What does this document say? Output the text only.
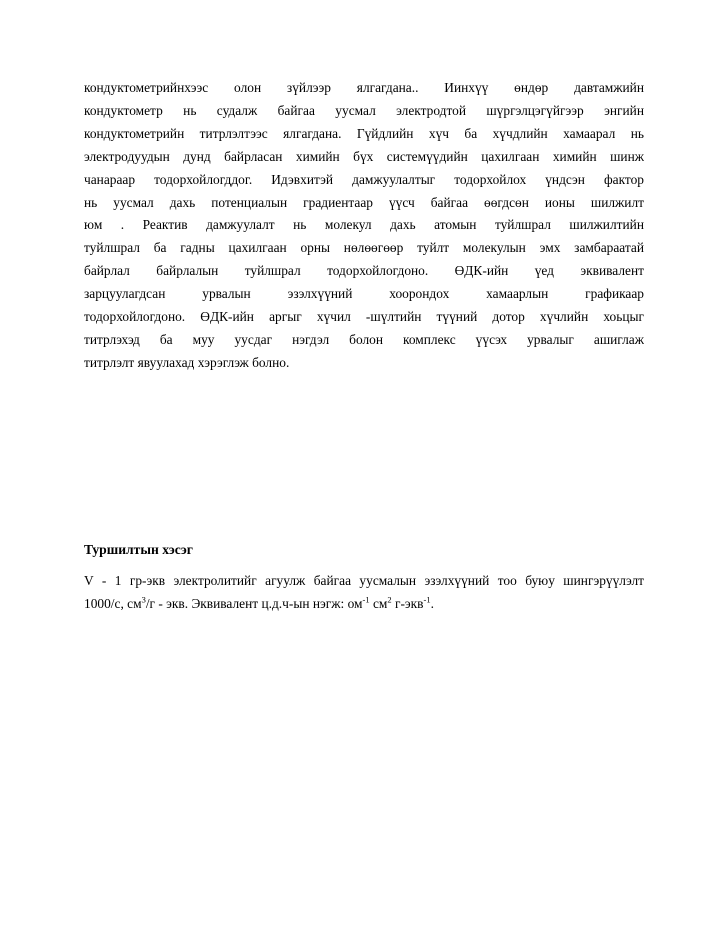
кондуктометрийнхээс олон зүйлээр ялгагдана.. Иинхүү өндөр давтамжийн
кондуктометр нь судалж байгаа уусмал электродтой шүргэлцэгүйгээр энгийн
кондуктометрийн титрлэлтээс ялгагдана. Гүйдлийн хүч ба хүчдлийн хамаарал нь
электродуудын дунд байрласан химийн бүх системүүдийн цахилгаан химийн шинж
чанараар тодорхойлогддог. Идэвхитэй дамжуулалтыг тодорхойлох үндсэн фактор
нь уусмал дахь потенциалын градиентаар үүсч байгаа өөгдсөн ионы шилжилт
юм . Реактив дамжуулалт нь молекул дахь атомын туйлшрал шилжилтийн
туйлшрал ба гадны цахилгаан орны нөлөөгөөр туйлт молекулын эмх замбараатай
байрлал байрлалын туйлшрал тодорхойлогдоно. ӨДК-ийн үед эквивалент
зарцуулагдсан урвалын эзэлхүүний хоорондох хамаарлын графикаар
тодорхойлогдоно. ӨДК-ийн аргыг хүчил -шүлтийн түүний дотор хүчлийн хоьцыг
титрлэхэд ба муу уусдаг нэгдэл болон комплекс үүсэх урвалыг ашиглаж
титрлэлт явуулахад хэрэглэж болно.
Туршилтын хэсэг
V - 1 гр-экв электролитийг агуулж байгаа уусмалын эзэлхүүний тоо буюу шингэрүүлэлт
1000/с, $см^3/г$ - экв. Эквивалент ц.д.ч-ын нэгж: $ом^{-1}$ $см^2$ г-экв$^{-1}$.
